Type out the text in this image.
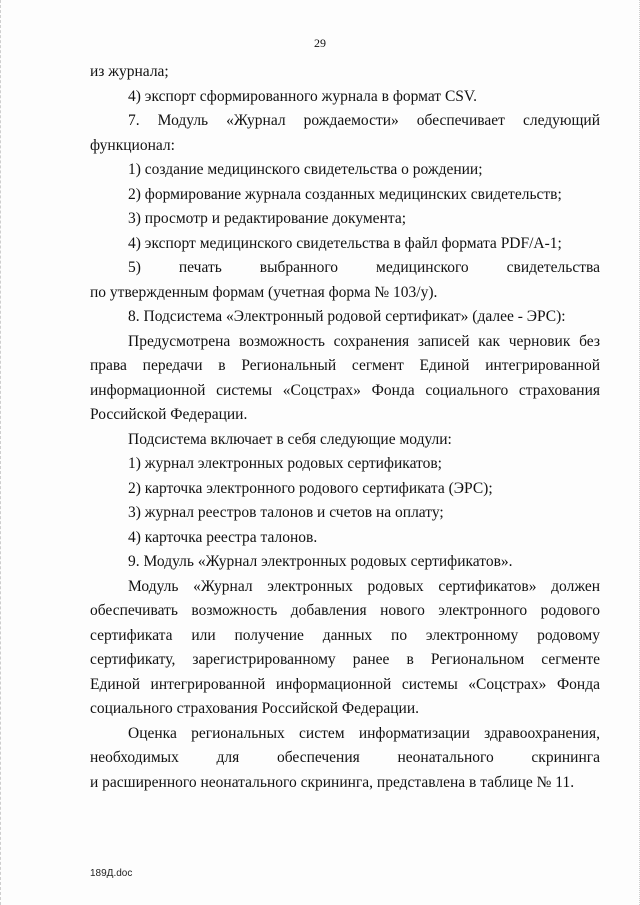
29

из журнала;

4) экспорт сформированного журнала в формат CSV.

7. Модуль «Журнал рождаемости» обеспечивает следующий

функционал:

1) создание медицинского свидетельства о рождении;

2) формирование журнала созданных медицинских свидетельств;

3) просмотр и редактирование документа;

4) экспорт медицинского свидетельства в файл формата PDF/A-1;

5) печать выбранного медицинского свидетельства

по утвержденным формам (учетная форма № 103/у).

8. Подсистема «Электронный родовой сертификат» (далее - ЭРС):

Предусмотрена возможность сохранения записей как черновик без

права передачи в Региональный сегмент Единой интегрированной

информационной системы «Соцстрах» Фонда социального страхования

Российской Федерации.

Подсистема включает в себя следующие модули:

1) журнал электронных родовых сертификатов;

2) карточка электронного родового сертификата (ЭРС);

3) журнал реестров талонов и счетов на оплату;

4) карточка реестра талонов.

9. Модуль «Журнал электронных родовых сертификатов».

Модуль «Журнал электронных родовых сертификатов» должен

обеспечивать возможность добавления нового электронного родового

сертификата или получение данных по электронному родовому

сертификату, зарегистрированному ранее в Региональном сегменте

Единой интегрированной информационной системы «Соцстрах» Фонда

социального страхования Российской Федерации.

Оценка региональных систем информатизации здравоохранения,

необходимых для обеспечения неонатального скрининга

и расширенного неонатального скрининга, представлена в таблице № 11.

189Д.doc
